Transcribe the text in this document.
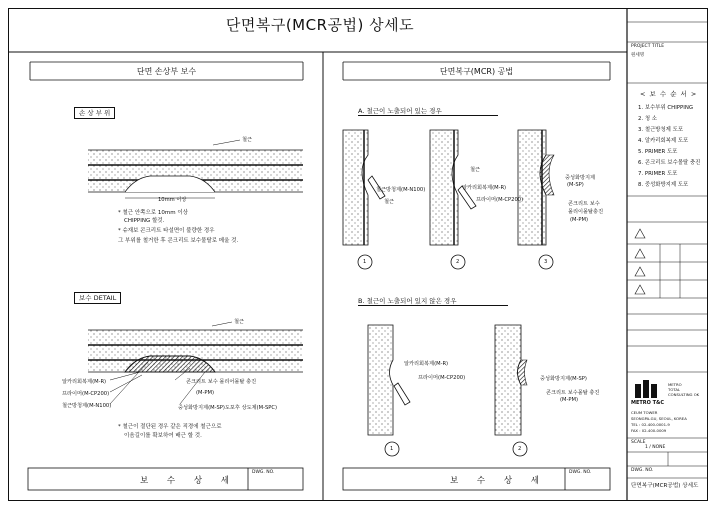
단면복구(MCR공법) 상세도
단면 손상부 보수
손 상 부 위
철근
10mm 이상
* 철근 안쪽으로 10mm 이상
CHIPPING 할것.
* 슈재보 콘크리트 타설면이 불량한 경우
그 부위를 철거한 후 콘크리트 보수물탈로 메울 것.
보수 DETAIL
철근
알카리회복제(M-R)
프라이머(M-CP200)
철근방청제(M-N100)
콘크리트 보수 몰리어몰탈 충진
(M-PM)
중성화방지제(M-SP)도포후 상도제(M-SPC)
* 철근이 절단된 경우 같은 직경에 철근으로
이음길이를 확보하여 배근 할 것.
보 수 상 세
DWG. NO.
단면복구(MCR) 공법
A. 철근이 노출되어 있는 경우
철근방청제(M-N100)
철근
철근
알카리회복제(M-R)
프라이머(M-CP200)
중성화방지제
(M-SP)
콘크리트 보수
몰리이몰탈충진
(M-PM)
1	2	3
B. 철근이 노출되어 있지 않은 경우
알카리회복제(M-R)
프라이머(M-CP200)	중성화방지제(M-SP)
콘크리트 보수몰탈 충진
(M-PM)
1	2
보 수 상 세
DWG. NO.
PROJECT TITLE
원세명
< 보 수 순 서 >
1. 보수부위 CHIPPING
2. 청 소
3. 철근방청제 도포
4. 알카리회복제 도포
5. PRIMER 도포
6. 콘크리트 보수몰탈 충진
7. PRIMER 도포
8. 중성화방지제 도포
METRO T&C
METRO
TOTAL
CONSULTING OK
CEUM TOWER
SEONGPA-GU, SEOUL, KOREA
TEL : 02-400-0001-9
FAX : 02-400-0009
SCALE
1 / NONE
DWG. NO.
단면복구(MCR공법) 상세도
